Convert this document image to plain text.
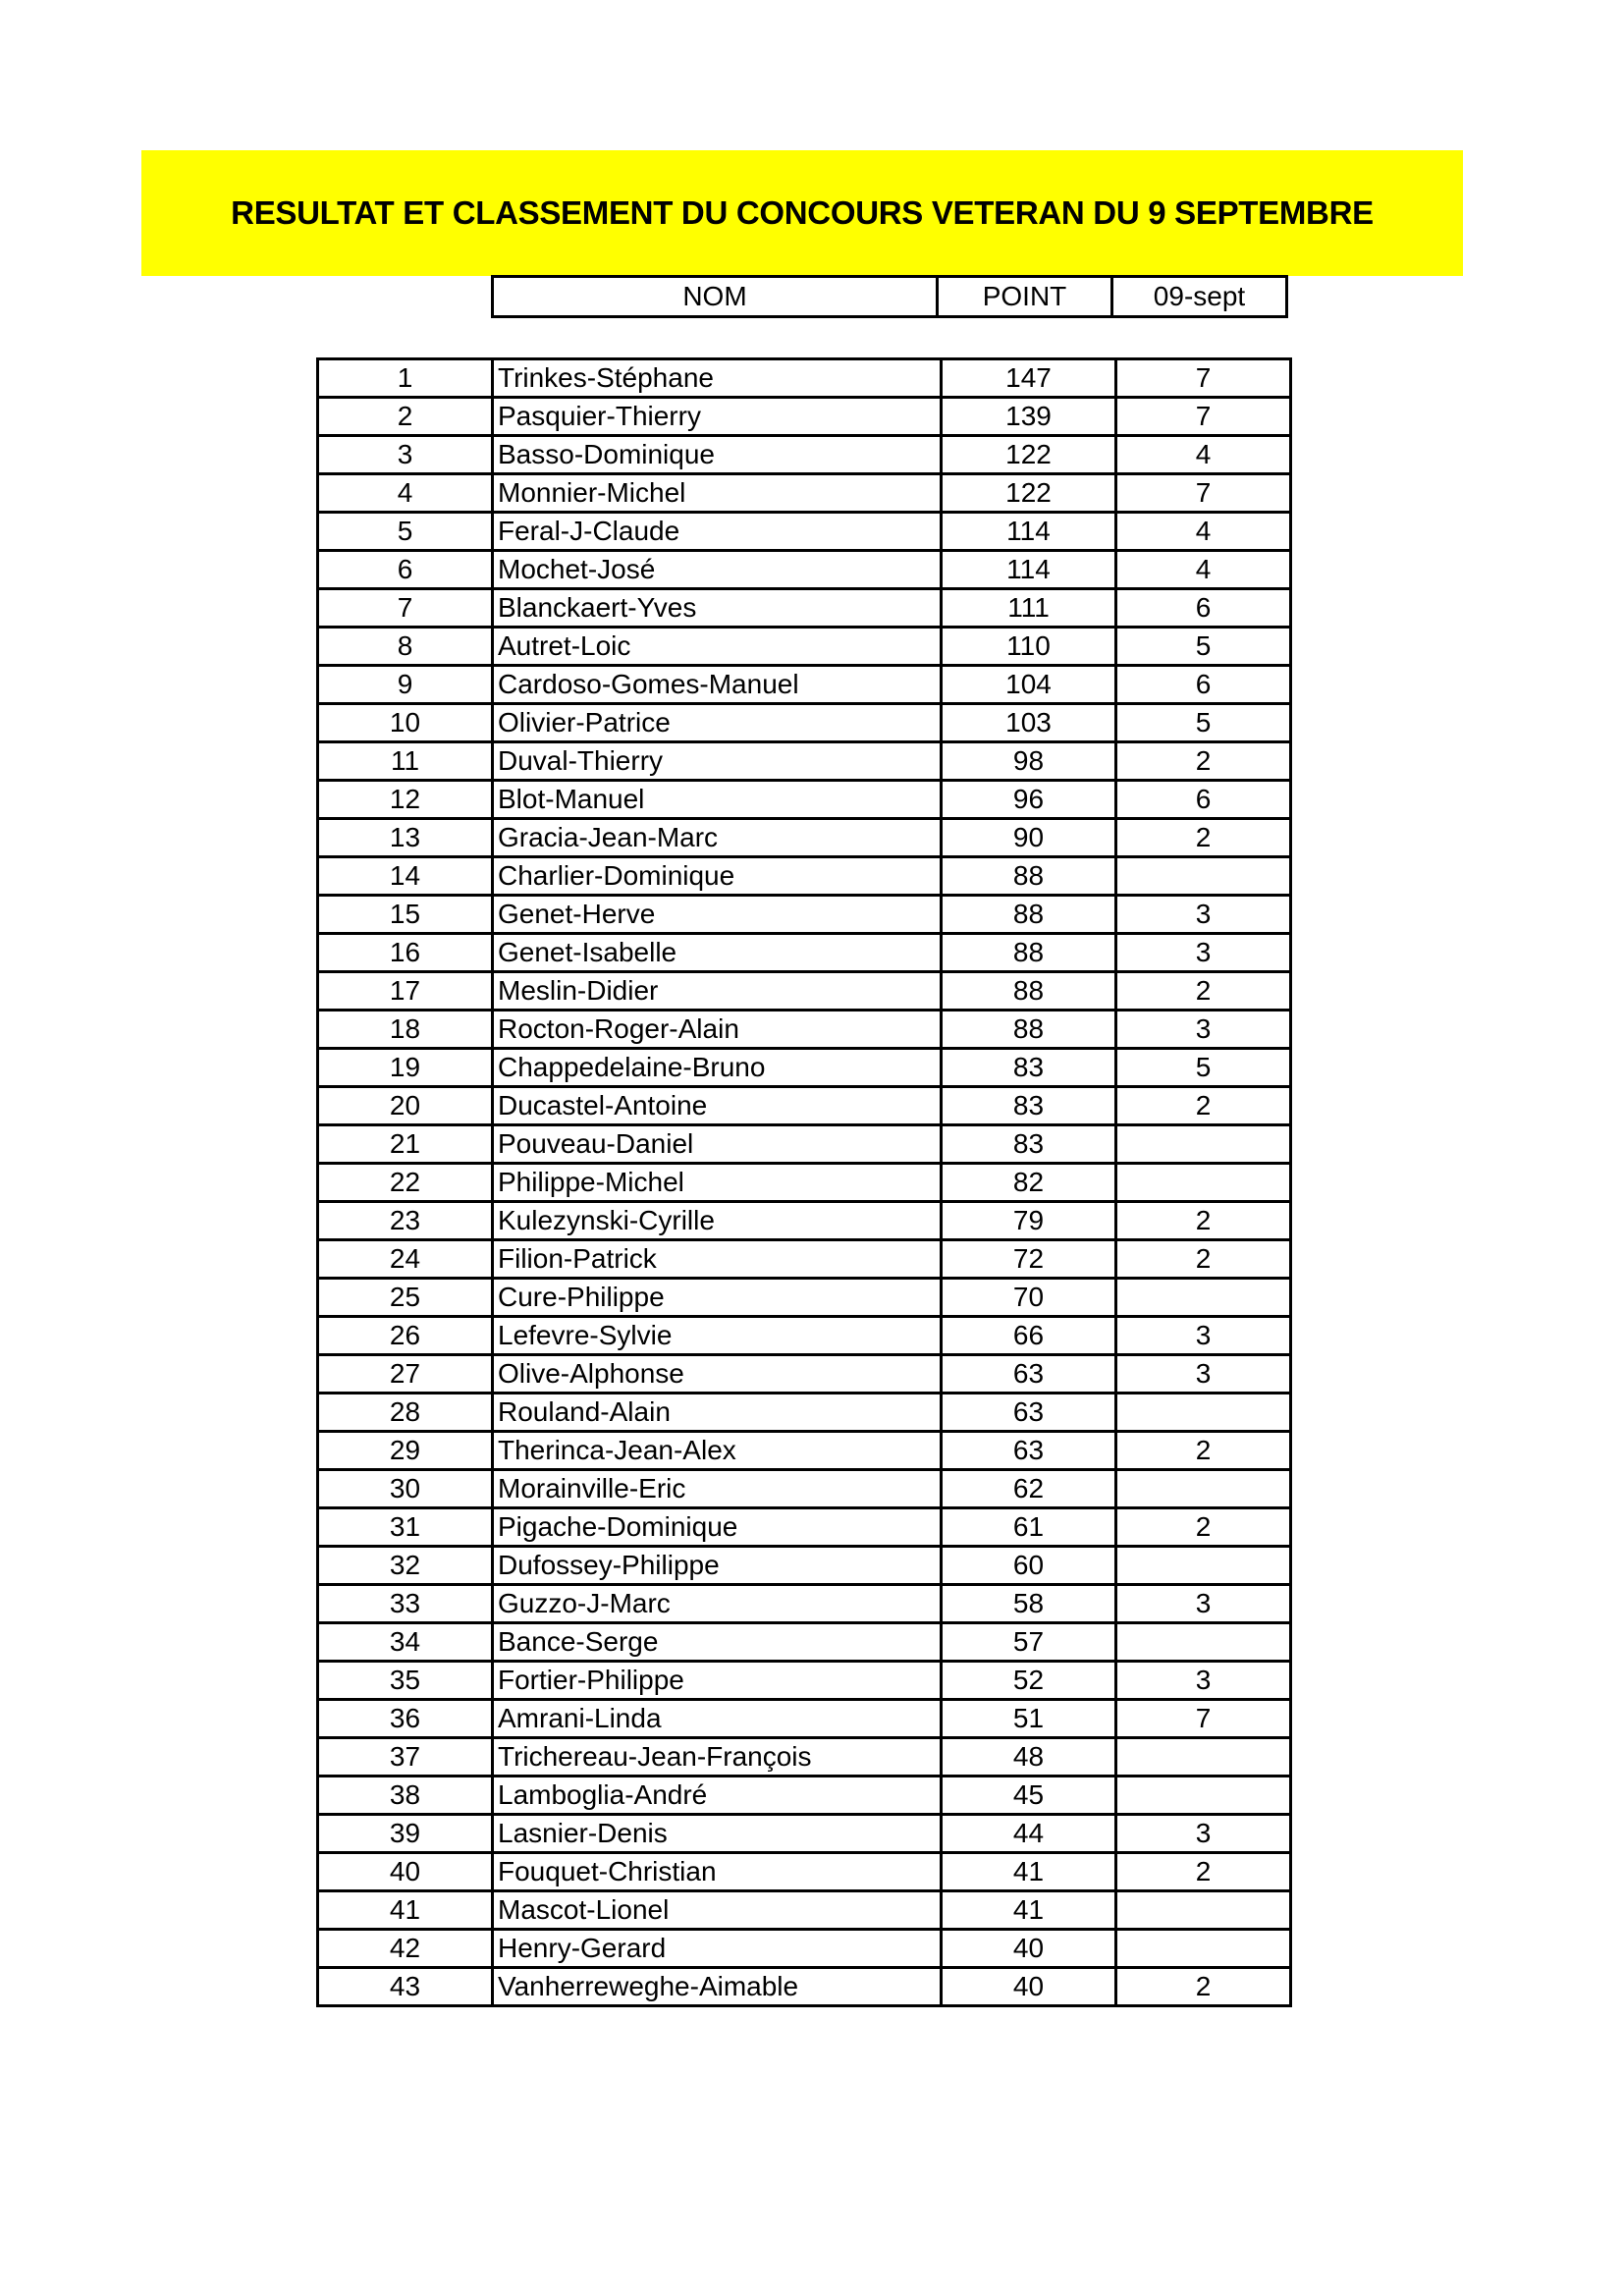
RESULTAT ET CLASSEMENT DU CONCOURS VETERAN DU 9 SEPTEMBRE
NOM	POINT	09-sept
1	Trinkes-Stéphane	147	7
2	Pasquier-Thierry	139	7
3	Basso-Dominique	122	4
4	Monnier-Michel	122	7
5	Feral-J-Claude	114	4
6	Mochet-José	114	4
7	Blanckaert-Yves	111	6
8	Autret-Loic	110	5
9	Cardoso-Gomes-Manuel	104	6
10	Olivier-Patrice	103	5
11	Duval-Thierry	98	2
12	Blot-Manuel	96	6
13	Gracia-Jean-Marc	90	2
14	Charlier-Dominique	88	
15	Genet-Herve	88	3
16	Genet-Isabelle	88	3
17	Meslin-Didier	88	2
18	Rocton-Roger-Alain	88	3
19	Chappedelaine-Bruno	83	5
20	Ducastel-Antoine	83	2
21	Pouveau-Daniel	83	
22	Philippe-Michel	82	
23	Kulezynski-Cyrille	79	2
24	Filion-Patrick	72	2
25	Cure-Philippe	70	
26	Lefevre-Sylvie	66	3
27	Olive-Alphonse	63	3
28	Rouland-Alain	63	
29	Therinca-Jean-Alex	63	2
30	Morainville-Eric	62	
31	Pigache-Dominique	61	2
32	Dufossey-Philippe	60	
33	Guzzo-J-Marc	58	3
34	Bance-Serge	57	
35	Fortier-Philippe	52	3
36	Amrani-Linda	51	7
37	Trichereau-Jean-François	48	
38	Lamboglia-André	45	
39	Lasnier-Denis	44	3
40	Fouquet-Christian	41	2
41	Mascot-Lionel	41	
42	Henry-Gerard	40	
43	Vanherreweghe-Aimable	40	2
